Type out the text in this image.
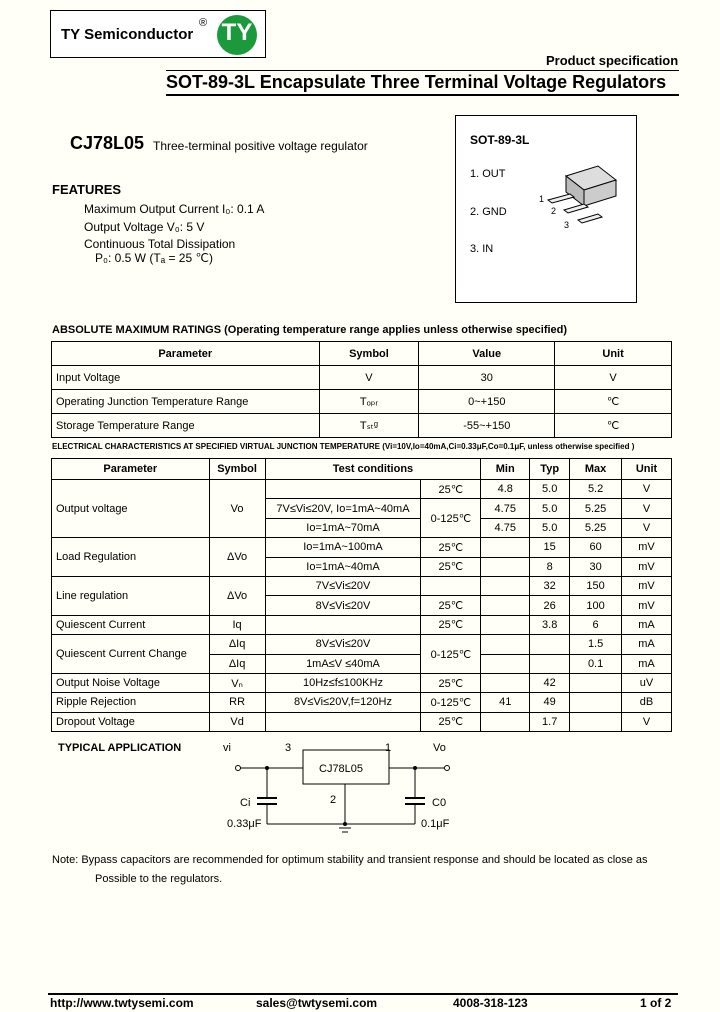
TY Semiconductor
® TY
Product specification
SOT-89-3L Encapsulate Three Terminal Voltage Regulators
CJ78L05 Three-terminal positive voltage regulator
FEATURES
Maximum Output Current I₀: 0.1 A
Output Voltage V₀: 5 V
Continuous Total Dissipation
P₀: 0.5 W (Tₐ = 25 ℃)
SOT-89-3L
1. OUT
2. GND
3. IN
1
2
3
ABSOLUTE MAXIMUM RATINGS (Operating temperature range applies unless otherwise specified)
Parameter	Symbol	Value	Unit
Input Voltage	V	30	V
Operating Junction Temperature Range	Tₒₚᵣ	0~+150	℃
Storage Temperature Range	Tₛₜᵍ	-55~+150	℃
ELECTRICAL CHARACTERISTICS AT SPECIFIED VIRTUAL JUNCTION TEMPERATURE (Vi=10V,Io=40mA,Ci=0.33μF,Co=0.1μF, unless otherwise specified )
Parameter	Symbol	Test conditions		Min	Typ	Max	Unit
Output voltage	Vo		25℃	4.8	5.0	5.2	V
		7V≤Vi≤20V, Io=1mA~40mA	0-125℃	4.75	5.0	5.25	V
		Io=1mA~70mA		4.75	5.0	5.25	V
Load Regulation	ΔVo	Io=1mA~100mA	25℃		15	60	mV
		Io=1mA~40mA	25℃		8	30	mV
Line regulation	ΔVo	7V≤Vi≤20V			32	150	mV
		8V≤Vi≤20V	25℃		26	100	mV
Quiescent Current	Iq		25℃		3.8	6	mA
Quiescent Current Change	ΔIq	8V≤Vi≤20V	0-125℃			1.5	mA
	ΔIq	1mA≤V ≤40mA				0.1	mA
Output Noise Voltage	Vₙ	10Hz≤f≤100KHz	25℃		42		uV
Ripple Rejection	RR	8V≤Vi≤20V,f=120Hz	0-125℃	41	49		dB
Dropout Voltage	Vd		25℃		1.7		V
TYPICAL APPLICATION	vi	3	1	Vo
CJ78L05
2
Ci
0.33μF
C0
0.1μF
Note: Bypass capacitors are recommended for optimum stability and transient response and should be located as close as
Possible to the regulators.
http://www.twtysemi.com	sales@twtysemi.com	4008-318-123	1 of 2
